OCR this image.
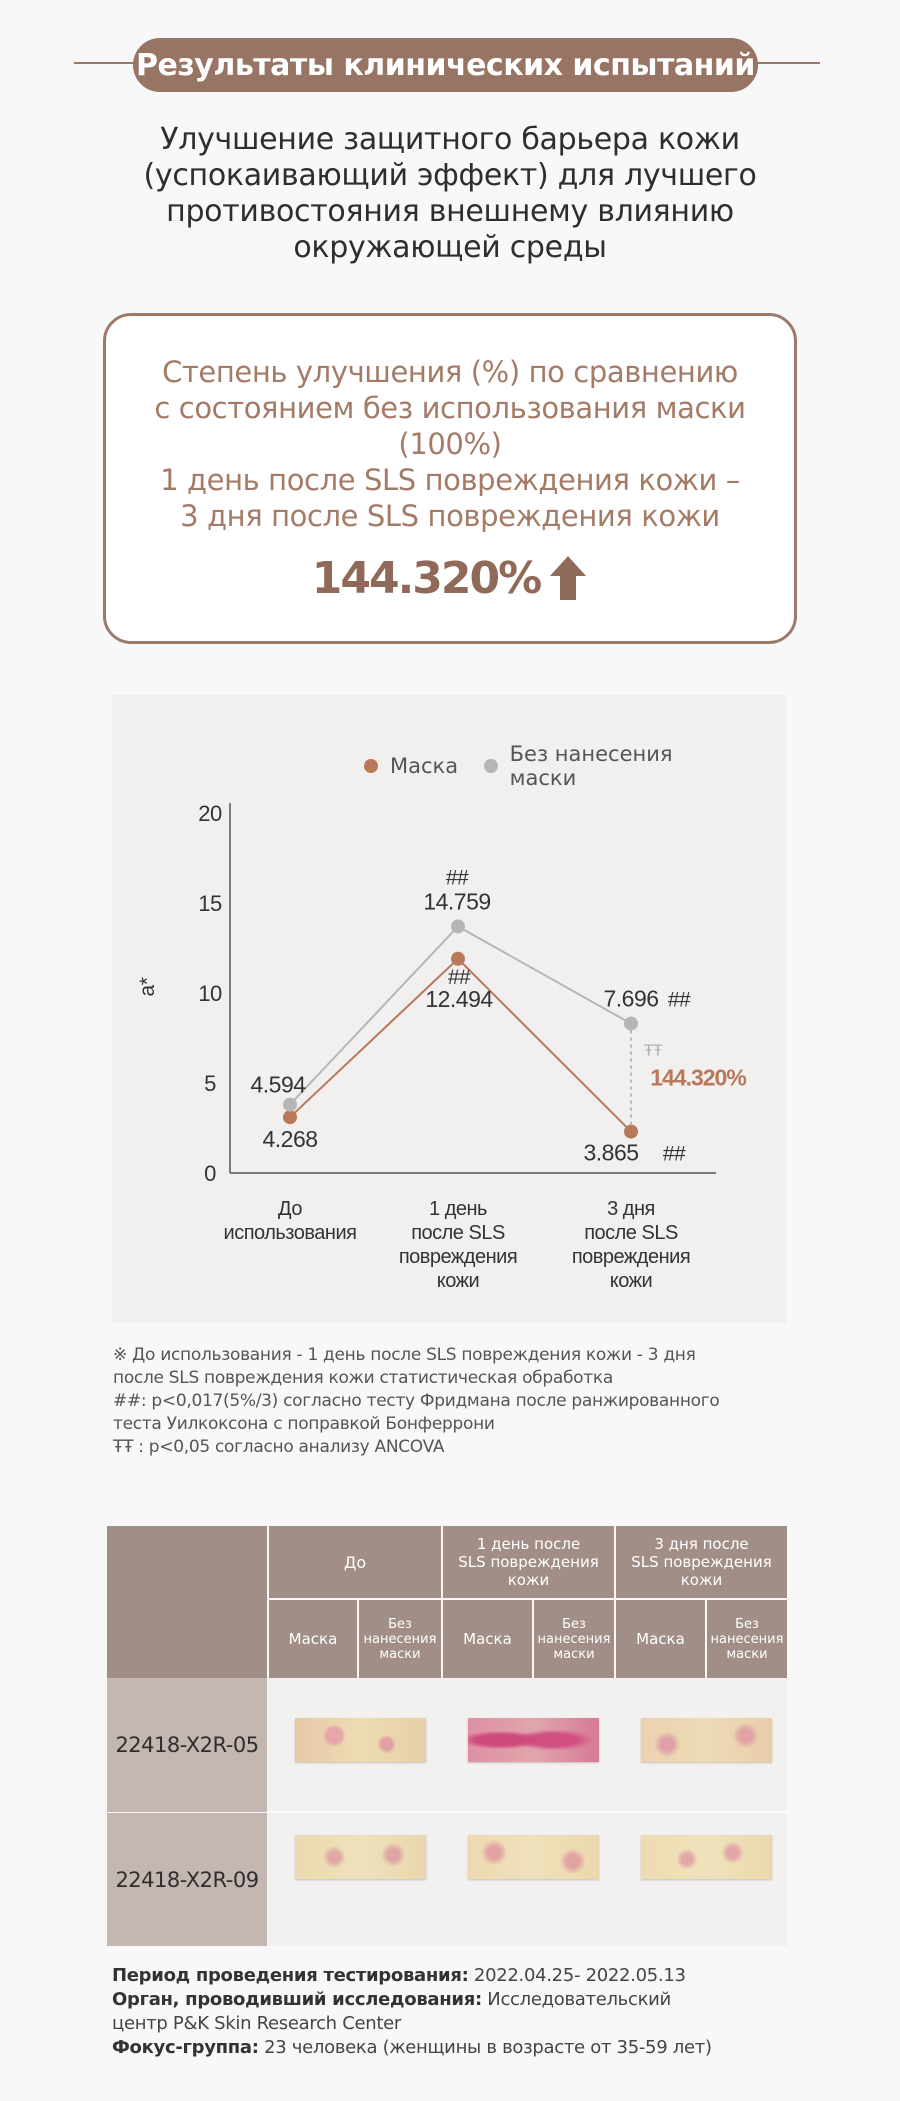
Результаты клинических испытаний
Улучшение защитного барьера кожи (успокаивающий эффект) для лучшего противостояния внешнему влиянию окружающей среды
Степень улучшения (%) по сравнению
с состоянием без использования маски
(100%)
1 день после SLS повреждения кожи –
3 дня после SLS повреждения кожи
144.320%
Маска Без нанесения маски
0
5
10
15
20
a*
До
использования
1 день
после SLS
повреждения
кожи
3 дня
после SLS
повреждения
кожи
4.268
##
12.494
3.865 ##
4.594
##
14.759
7.696 ##
ŦŦ
144.320%
※ До использования - 1 день после SLS повреждения кожи - 3 дня
после SLS повреждения кожи статистическая обработка
##: p<0,017(5%/3) согласно тесту Фридмана после ранжированного
теста Уилкоксона с поправкой Бонферрони
ŦŦ : p<0,05 согласно анализу ANCOVA
До
1 день после
SLS повреждения
кожи
3 дня после
SLS повреждения
кожи
Маска
Без
нанесения
маски
Маска
Без
нанесения
маски
Маска
Без
нанесения
маски
22418-X2R-05
22418-X2R-09
Период проведения тестирования: 2022.04.25- 2022.05.13
Орган, проводивший исследования: Исследовательский
центр P&K Skin Research Center
Фокус-группа: 23 человека (женщины в возрасте от 35-59 лет)
